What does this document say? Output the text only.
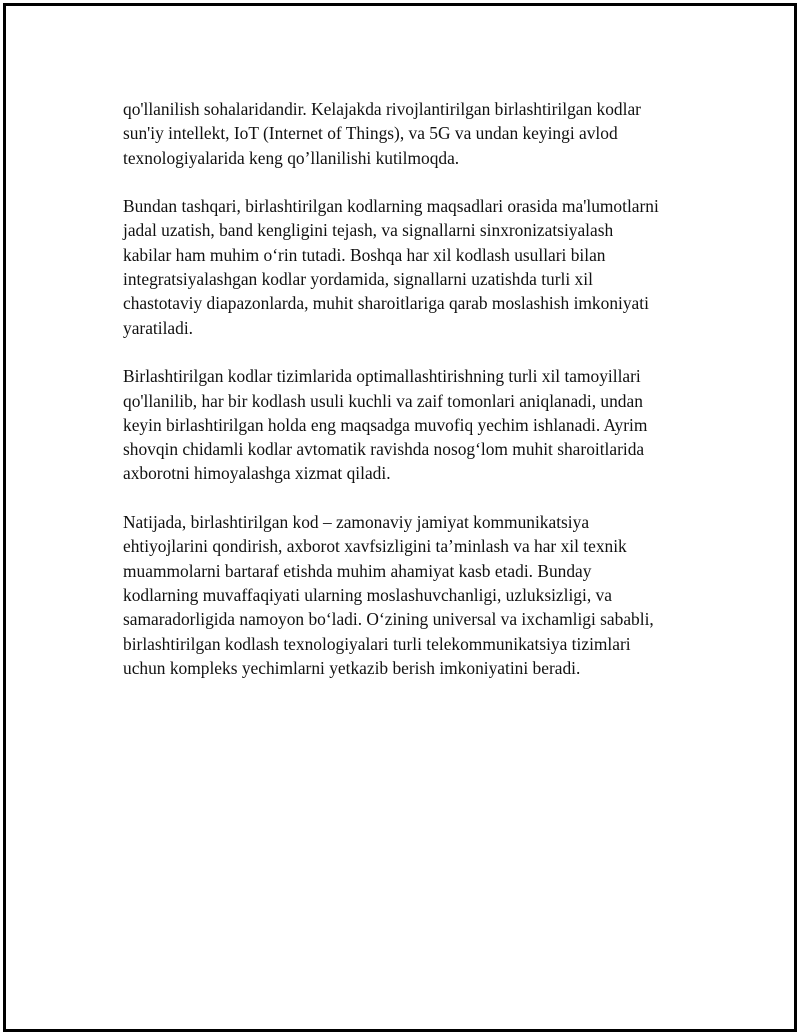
qo'llanilish sohalaridandir. Kelajakda rivojlantirilgan birlashtirilgan kodlar
sun'iy intellekt, IoT (Internet of Things), va 5G va undan keyingi avlod
texnologiyalarida keng qo’llanilishi kutilmoqda.

Bundan tashqari, birlashtirilgan kodlarning maqsadlari orasida ma'lumotlarni
jadal uzatish, band kengligini tejash, va signallarni sinxronizatsiyalash
kabilar ham muhim o‘rin tutadi. Boshqa har xil kodlash usullari bilan
integratsiyalashgan kodlar yordamida, signallarni uzatishda turli xil
chastotaviy diapazonlarda, muhit sharoitlariga qarab moslashish imkoniyati
yaratiladi.

Birlashtirilgan kodlar tizimlarida optimallashtirishning turli xil tamoyillari
qo'llanilib, har bir kodlash usuli kuchli va zaif tomonlari aniqlanadi, undan
keyin birlashtirilgan holda eng maqsadga muvofiq yechim ishlanadi. Ayrim
shovqin chidamli kodlar avtomatik ravishda nosog‘lom muhit sharoitlarida
axborotni himoyalashga xizmat qiladi.

Natijada, birlashtirilgan kod – zamonaviy jamiyat kommunikatsiya
ehtiyojlarini qondirish, axborot xavfsizligini ta’minlash va har xil texnik
muammolarni bartaraf etishda muhim ahamiyat kasb etadi. Bunday
kodlarning muvaffaqiyati ularning moslashuvchanligi, uzluksizligi, va
samaradorligida namoyon bo‘ladi. O‘zining universal va ixchamligi sababli,
birlashtirilgan kodlash texnologiyalari turli telekommunikatsiya tizimlari
uchun kompleks yechimlarni yetkazib berish imkoniyatini beradi.
